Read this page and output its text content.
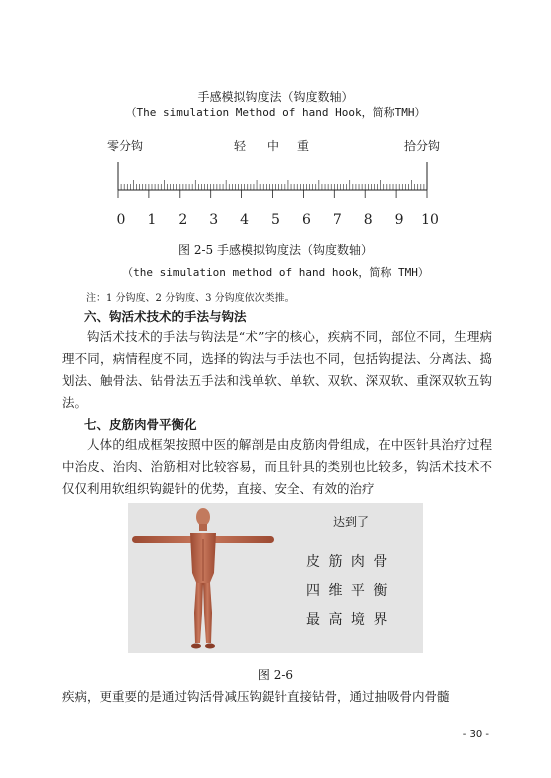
手感模拟钩度法（钩度数轴）
（The simulation Method of hand Hook，简称TMH）
零分钩	轻 中 重	拾分钩
0 1 2 3 4 5 6 7 8 9 10
图 2-5 手感模拟钩度法（钩度数轴）
（the simulation method of hand hook，简称 TMH）
注：1 分钩度、2 分钩度、3 分钩度依次类推。
六、钩活术技术的手法与钩法

钩活术技术的手法与钩法是“术”字的核心，疾病不同，部位不同，生理病理不同，病情程度不同，选择的钩法与手法也不同，包括钩提法、分离法、捣划法、触骨法、钻骨法五手法和浅单软、单软、双软、深双软、重深双软五钩法。

七、皮筋肉骨平衡化

人体的组成框架按照中医的解剖是由皮筋肉骨组成，在中医针具治疗过程中治皮、治肉、治筋相对比较容易，而且针具的类别也比较多，钩活术技术不仅仅利用软组织钩鍉针的优势，直接、安全、有效的治疗

达到了
皮 筋 肉 骨
四 维 平 衡
最 高 境 界
图 2-6

疾病，更重要的是通过钩活骨减压钩鍉针直接钻骨，通过抽吸骨内骨髓

- 30 -
